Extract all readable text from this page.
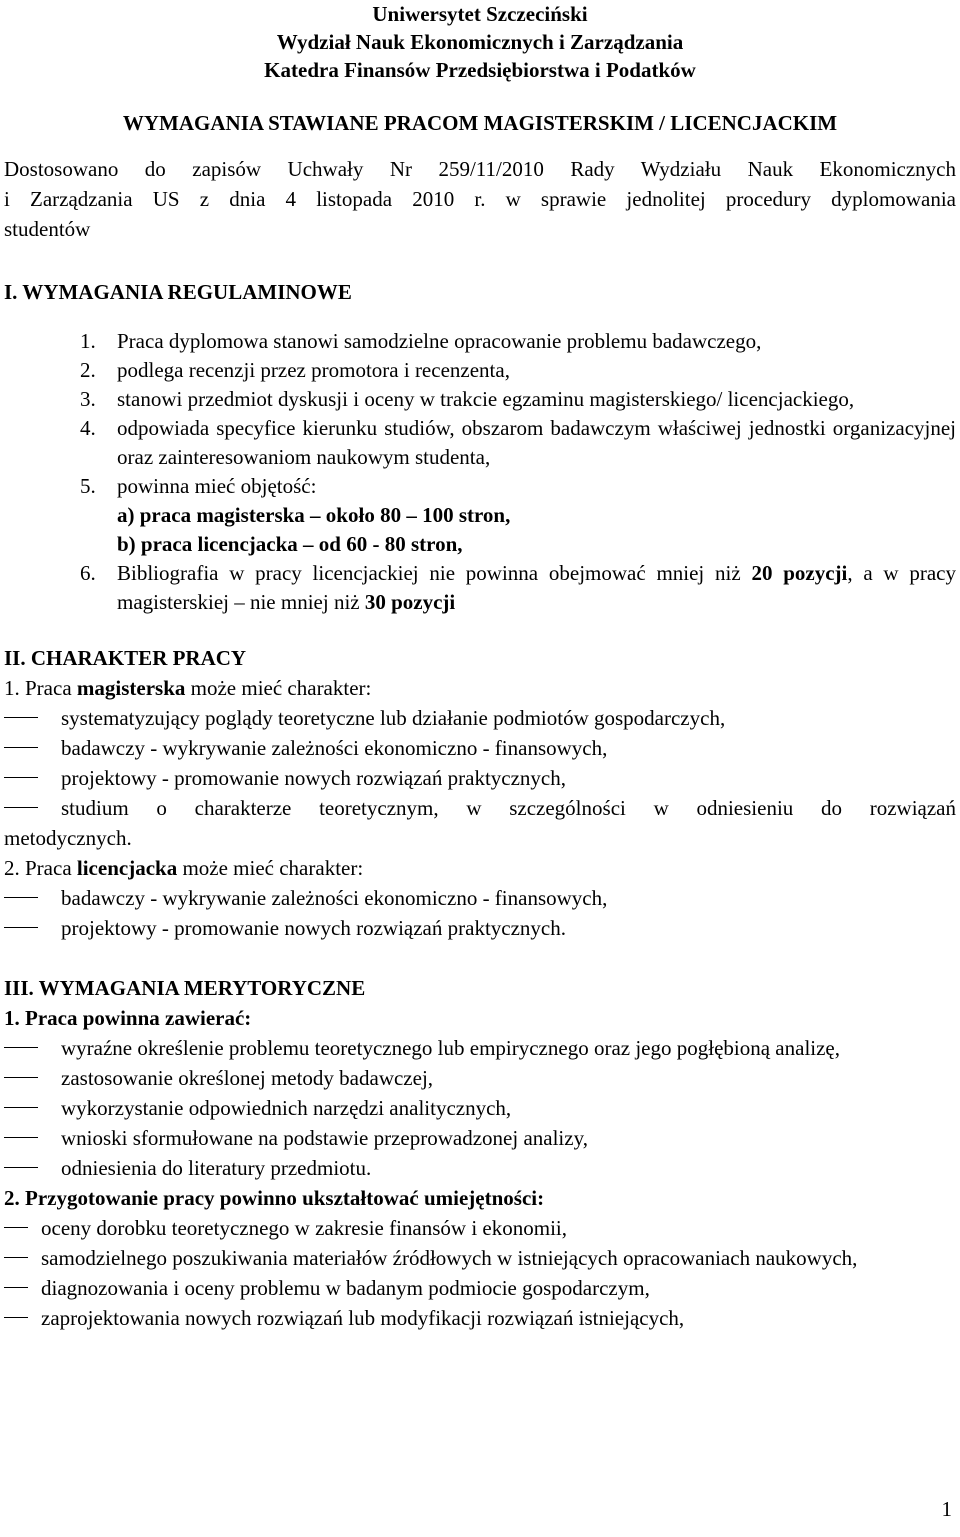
Uniwersytet Szczeciński
Wydział Nauk Ekonomicznych i Zarządzania
Katedra Finansów Przedsiębiorstwa i Podatków
WYMAGANIA STAWIANE PRACOM MAGISTERSKIM / LICENCJACKIM
Dostosowano do zapisów Uchwały Nr 259/11/2010 Rady Wydziału Nauk Ekonomicznych
i Zarządzania US z dnia 4 listopada 2010 r. w sprawie jednolitej procedury dyplomowania
studentów
I. WYMAGANIA REGULAMINOWE
1. Praca dyplomowa stanowi samodzielne opracowanie problemu badawczego,
2. podlega recenzji przez promotora i recenzenta,
3. stanowi przedmiot dyskusji i oceny w trakcie egzaminu magisterskiego/ licencjackiego,
4. odpowiada specyfice kierunku studiów, obszarom badawczym właściwej jednostki organizacyjnej oraz zainteresowaniom naukowym studenta,
5. powinna mieć objętość:
a) praca magisterska – około 80 – 100 stron,
b) praca licencjacka – od 60 - 80 stron,
6. Bibliografia w pracy licencjackiej nie powinna obejmować mniej niż 20 pozycji, a w pracy magisterskiej – nie mniej niż 30 pozycji
II. CHARAKTER PRACY
1. Praca magisterska może mieć charakter:
systematyzujący poglądy teoretyczne lub działanie podmiotów gospodarczych,
badawczy - wykrywanie zależności ekonomiczno - finansowych,
projektowy - promowanie nowych rozwiązań praktycznych,
studium o charakterze teoretycznym, w szczególności w odniesieniu do rozwiązań
metodycznych.
2. Praca licencjacka może mieć charakter:
badawczy - wykrywanie zależności ekonomiczno - finansowych,
projektowy - promowanie nowych rozwiązań praktycznych.
III. WYMAGANIA MERYTORYCZNE
1. Praca powinna zawierać:
wyraźne określenie problemu teoretycznego lub empirycznego oraz jego pogłębioną analizę,
zastosowanie określonej metody badawczej,
wykorzystanie odpowiednich narzędzi analitycznych,
wnioski sformułowane na podstawie przeprowadzonej analizy,
odniesienia do literatury przedmiotu.
2. Przygotowanie pracy powinno ukształtować umiejętności:
oceny dorobku teoretycznego w zakresie finansów i ekonomii,
samodzielnego poszukiwania materiałów źródłowych w istniejących opracowaniach naukowych,
diagnozowania i oceny problemu w badanym podmiocie gospodarczym,
zaprojektowania nowych rozwiązań lub modyfikacji rozwiązań istniejących,
1
